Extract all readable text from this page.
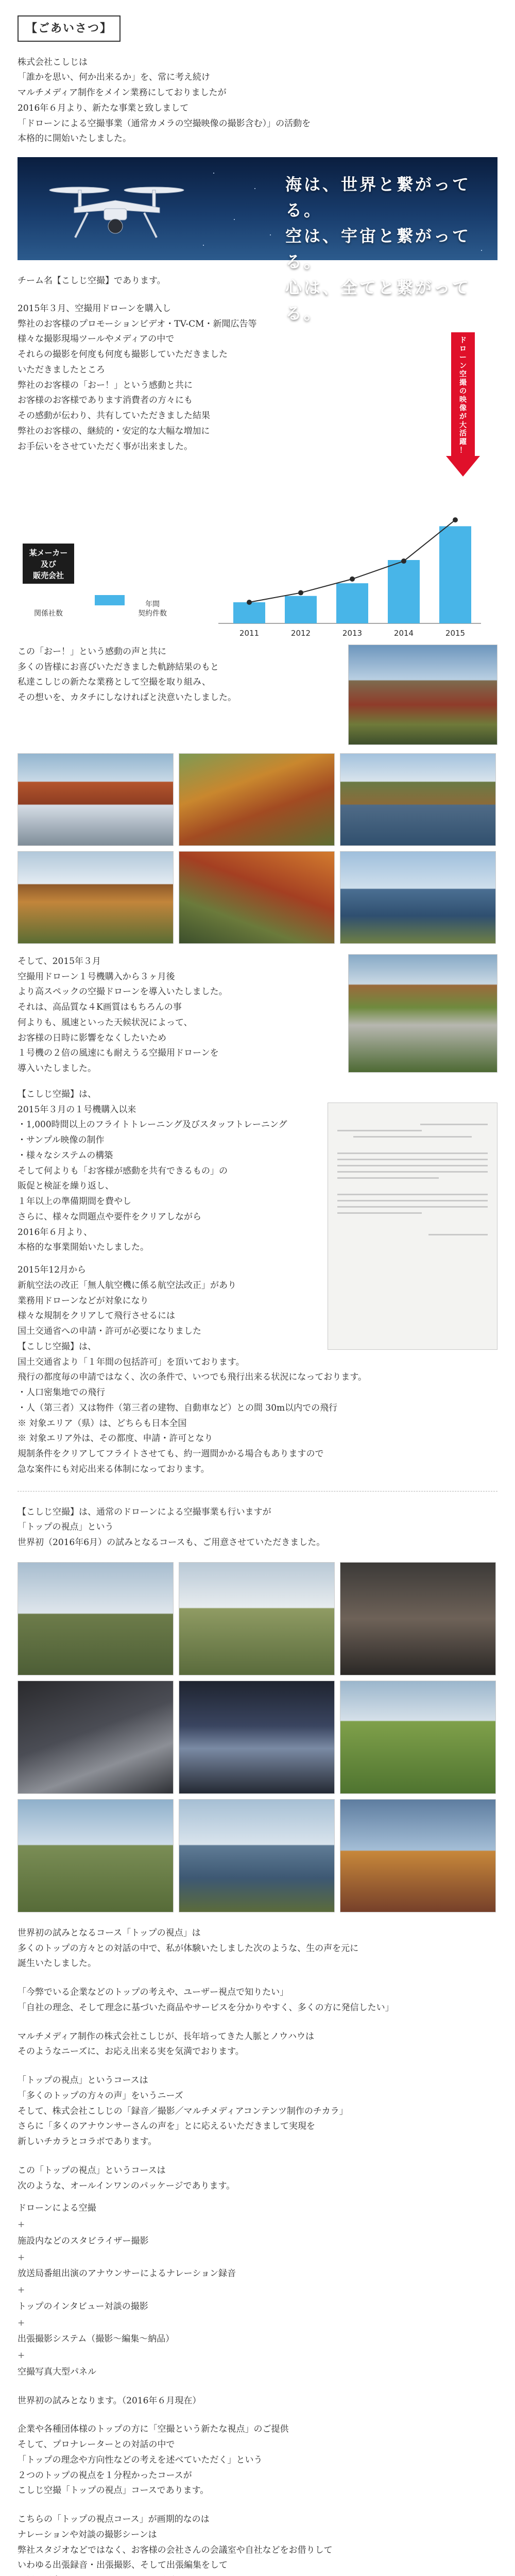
【ごあいさつ】

株式会社こしじは

「誰かを思い、何か出来るか」を、常に考え続け

マルチメディア制作をメイン業務にしておりましたが

2016年６月より、新たな事業と致しまして

「ドローンによる空撮事業（通常カメラの空撮映像の撮影含む）」の活動を

本格的に開始いたしました。

海は、世界と繋がってる。
空は、宇宙と繋がってる。
心は、全てと繋がってる。

チーム名【こしじ空撮】であります。

2015年３月、空撮用ドローンを購入し

弊社のお客様のプロモーションビデオ・TV-CM・新聞広告等

様々な撮影現場ツールやメディアの中で

それらの撮影を何度も何度も撮影していただきました

いただきましたところ

弊社のお客様の「おー！」という感動と共に

お客様のお客様であります消費者の方々にも

その感動が伝わり、共有していただきました結果

弊社のお客様の、継続的・安定的な大幅な増加に

お手伝いをさせていただく事が出来ました。

某メーカー
及び
販売会社
関係社数
年間
契約件数
2011	2012	2013	2014	2015
ド
ロ
ー
ン
空
撮
の
映
像
が
大
活
躍
！

この「おー！」という感動の声と共に

多くの皆様にお喜びいただきました軌跡結果のもと

私達こしじの新たな業務として空撮を取り組み、

その想いを、カタチにしなければと決意いたしました。

そして、2015年３月

空撮用ドローン１号機購入から３ヶ月後

より高スペックの空撮ドローンを導入いたしました。

それは、高品質な４K画質はもちろんの事

何よりも、風速といった天候状況によって、

お客様の日時に影響をなくしたいため

１号機の２倍の風速にも耐えうる空撮用ドローンを

導入いたしました。

【こしじ空撮】は、

2015年３月の１号機購入以来

・1,000時間以上のフライトトレーニング及びスタッフトレーニング

・サンプル映像の制作

・様々なシステムの構築

そして何よりも「お客様が感動を共有できるもの」の

販促と検証を繰り返し、

１年以上の準備期間を費やし

さらに、様々な問題点や要件をクリアしながら

2016年６月より、

本格的な事業開始いたしました。

2015年12月から

新航空法の改正「無人航空機に係る航空法改正」があり

業務用ドローンなどが対象になり

様々な規制をクリアして飛行させるには

国土交通省への申請・許可が必要になりました

【こしじ空撮】は、

国土交通省より「１年間の包括許可」を頂いております。

飛行の都度毎の申請ではなく、次の条件で、いつでも飛行出来る状況になっております。

・人口密集地での飛行

・人（第三者）又は物件（第三者の建物、自動車など）との間 30m以内での飛行

※ 対象エリア（県）は、どちらも日本全国

※ 対象エリア外は、その都度、申請・許可となり

規制条件をクリアしてフライトさせても、約一週間かかる場合もありますので

急な案件にも対応出来る体制になっております。

【こしじ空撮】は、通常のドローンによる空撮事業も行いますが

「トップの視点」という

世界初（2016年6月）の試みとなるコースも、ご用意させていただきました。

世界初の試みとなるコース「トップの視点」は

多くのトップの方々との対話の中で、私が体験いたしました次のような、生の声を元に

誕生いたしました。

「今弊でいる企業などのトップの考えや、ユーザー視点で知りたい」

「自社の理念、そして理念に基づいた商品やサービスを分かりやすく、多くの方に発信したい」

マルチメディア制作の株式会社こしじが、長年培ってきた人脈とノウハウは

そのようなニーズに、お応え出来る実を気満でおります。

「トップの視点」というコースは

「多くのトップの方々の声」をいうニーズ

そして、株式会社こしじの「録音／撮影／マルチメディアコンテンツ制作のチカラ」

さらに「多くのアナウンサーさんの声を」とに応えるいただきまして実現を

新しいチカラとコラボであります。

この「トップの視点」というコースは

次のような、オールインワンのパッケージであります。

ドローンによる空撮

+

施設内などのスタビライザー撮影

+

放送局番組出演のアナウンサーによるナレーション録音

+

トップのインタビュー対談の撮影

+

出張撮影システム（撮影〜編集〜納品）

+

空撮写真大型パネル

世界初の試みとなります。（2016年６月現在）

企業や各種団体様のトップの方に「空撮という新たな視点」のご提供

そして、プロナレーターとの対話の中で

「トップの理念や方向性などの考えを述べていただく」という

２つのトップの視点を１分程かったコースが

こしじ空撮「トップの視点」コースであります。

こちらの「トップの視点コース」が画期的なのは

ナレーションや対談の撮影シーンは

弊社スタジオなどではなく、お客様の会社さんの会議室や自社などをお借りして

いわゆる出張録音・出張撮影、そして出張編集をして
